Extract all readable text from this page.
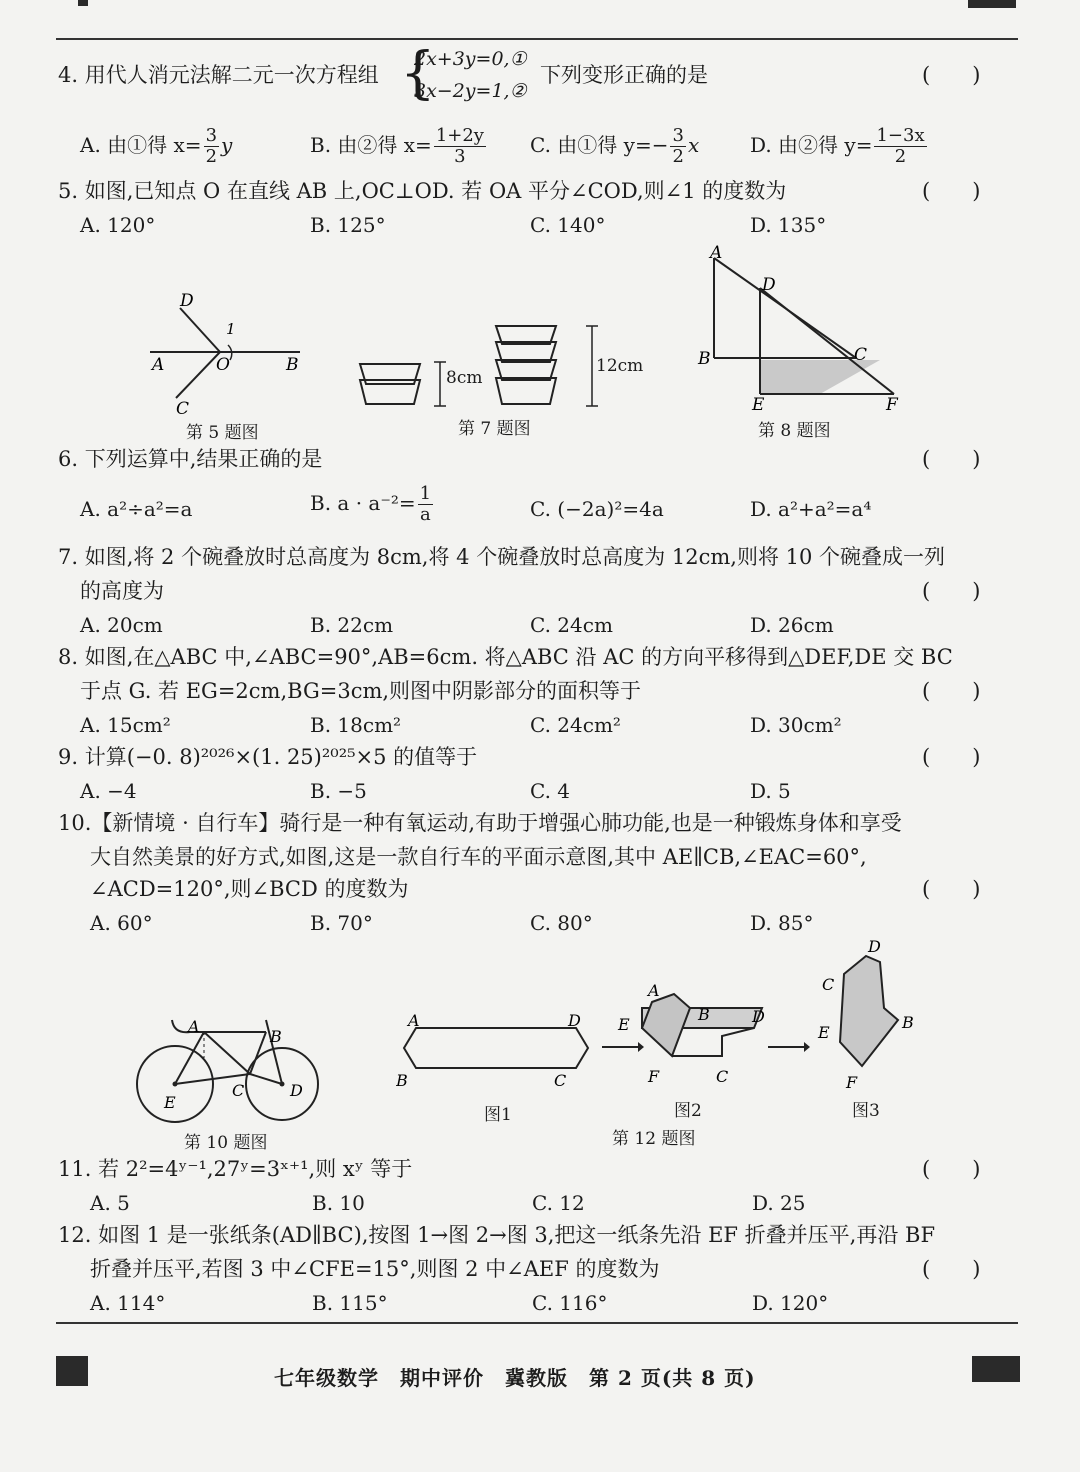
4. 用代人消元法解二元一次方程组 {
2x+3y=0,①
3x−2y=1,②
下列变形正确的是	(　　)
A. 由①得 $x= \frac{3}{2}$ y	B. 由②得 $x= \frac{1+2y}{3} C$. 由①得 $y=- \frac{3}{2}$ x	D. 由②得 $y= \frac{1-3x}{2}$
5. 如图,已知点 O 在直线 AB 上,OC⊥OD. 若 OA 平分∠COD,则∠1 的度数为	(　　)
A. 120°	B. 125°	C. 140°	D. 135°
D
1
A	O	B
C
第 5 题图
8cm
12cm
第 7 题图
A
D
B	C
E	F
第 8 题图
6. 下列运算中,结果正确的是	(　　)
A. a²÷a²=a	B. $a \cdot a^{-2}= \frac{1}{a}$	C. (−2a)²=4a	D. a²+a²=a⁴
7. 如图,将 2 个碗叠放时总高度为 8cm,将 4 个碗叠放时总高度为 12cm,则将 10 个碗叠成一列
的高度为	(　　)
A. 20cm	B. 22cm	C. 24cm	D. 26cm
8. 如图,在△ABC 中,∠ABC=90°,AB=6cm. 将△ABC 沿 AC 的方向平移得到△DEF,DE 交 BC
于点 G. 若 EG=2cm,BG=3cm,则图中阴影部分的面积等于	(　　)
A. 15cm²	B. 18cm²	C. 24cm²	D. 30cm²
9. 计算(−0. 8)²⁰²⁶×(1. 25)²⁰²⁵×5 的值等于	(　　)
A. −4	B. −5	C. 4	D. 5
10.【新情境 · 自行车】骑行是一种有氧运动,有助于增强心肺功能,也是一种锻炼身体和享受
大自然美景的好方式,如图,这是一款自行车的平面示意图,其中 AE∥CB,∠EAC=60°,
∠ACD=120°,则∠BCD 的度数为	(　　)
A. 60°	B. 70°	C. 80°	D. 85°
A
B
C	D
E
第 10 题图
A	D
B	C
A
B	D
E
F	C
D
C
B
E
F
图1	图2	图3
第 12 题图
11. 若 2²=4ʸ⁻¹,27ʸ=3ˣ⁺¹,则 xʸ 等于	(　　)
A. 5	B. 10	C. 12	D. 25
12. 如图 1 是一张纸条(AD∥BC),按图 1→图 2→图 3,把这一纸条先沿 EF 折叠并压平,再沿 BF
折叠并压平,若图 3 中∠CFE=15°,则图 2 中∠AEF 的度数为	(　　)
A. 114°	B. 115°	C. 116°	D. 120°
七年级数学　期中评价　冀教版　第 2 页(共 8 页)
